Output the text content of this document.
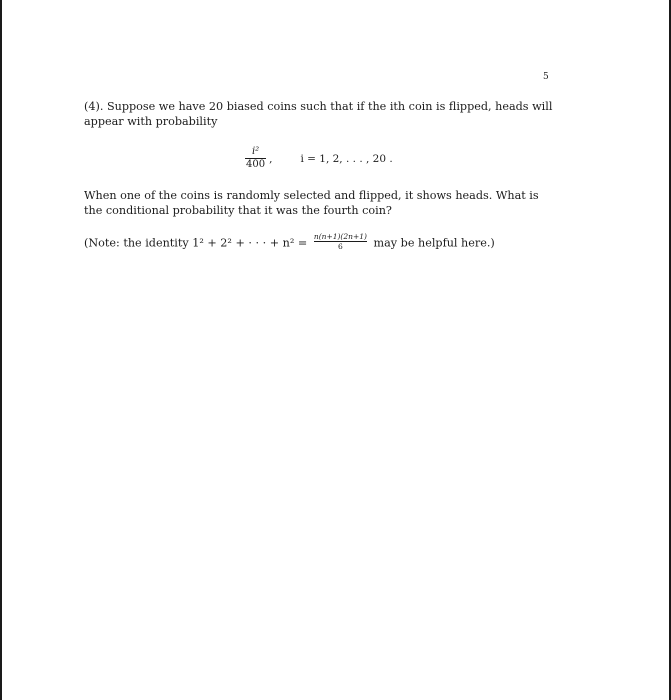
5
(4). Suppose we have 20 biased coins such that if the ith coin is flipped, heads will appear with probability
$\frac{\text{i²}}{400}$ ,	i = 1, 2, . . . , 20 .
When one of the coins is randomly selected and flipped, it shows heads. What is the conditional probability that it was the fourth coin?
(Note: the identity 1² + 2² + · · · + $n^2 = \frac{n(n+1)(2n+1)}{6}$ may be helpful here.)
